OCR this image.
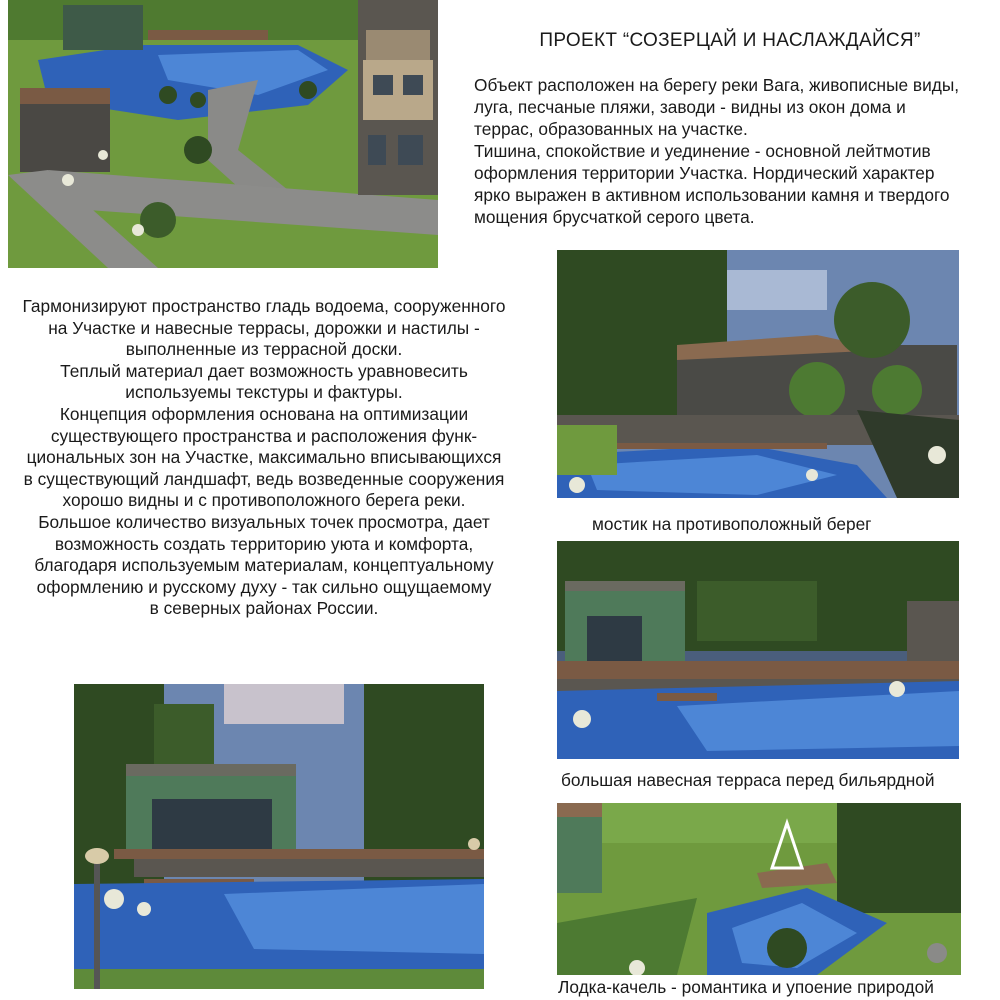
ПРОЕКТ “СОЗЕРЦАЙ И НАСЛАЖДАЙСЯ”

Объект расположен на берегу реки Вага, живописные виды,

луга, песчаные пляжи, заводи - видны из окон дома и

террас, образованных на участке.

Тишина, спокойствие и уединение - основной лейтмотив

оформления территории Участка. Нордический характер

ярко выражен в активном использовании камня и твердого

мощения брусчаткой серого цвета.

Гармонизируют пространство гладь водоема, сооруженного

на Участке и навесные террасы, дорожки и настилы -

выполненные из террасной доски.

Теплый материал дает возможность уравновесить

используемы текстуры и фактуры.

Концепция оформления основана на оптимизации

существующего пространства и расположения функ-

циональных зон на Участке, максимально вписывающихся

в существующий ландшафт, ведь возведенные сооружения

хорошо видны и с противоположного берега реки.

Большое количество визуальных точек просмотра, дает

возможность создать территорию уюта и комфорта,

благодаря используемым материалам, концептуальному

оформлению и русскому духу - так сильно ощущаемому

в северных районах России.

мостик на противоположный берег
большая навесная терраса перед бильярдной
Лодка-качель - романтика и упоение природой
